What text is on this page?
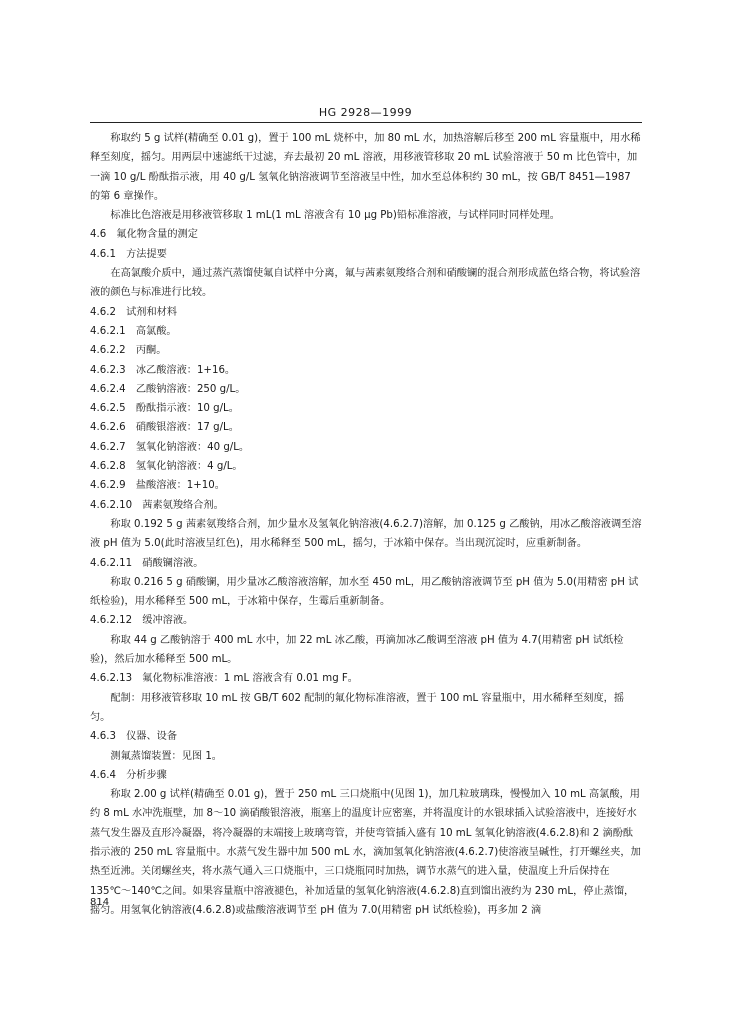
HG 2928—1999

称取约 5 g 试样(精确至 0.01 g)，置于 100 mL 烧杯中，加 80 mL 水，加热溶解后移至 200 mL 容量瓶中，用水稀释至刻度，摇匀。用两层中速滤纸干过滤，弃去最初 20 mL 溶液，用移液管移取 20 mL 试验溶液于 50 m 比色管中，加一滴 10 g/L 酚酞指示液，用 40 g/L 氢氧化钠溶液调节至溶液呈中性，加水至总体积约 30 mL，按 GB/T 8451—1987 的第 6 章操作。

标准比色溶液是用移液管移取 1 mL(1 mL 溶液含有 10 μg Pb)铅标准溶液，与试样同时同样处理。

4.6　氟化物含量的测定

4.6.1　方法提要

在高氯酸介质中，通过蒸汽蒸馏使氟自试样中分离，氟与茜素氨羧络合剂和硝酸镧的混合剂形成蓝色络合物，将试验溶液的颜色与标准进行比较。

4.6.2　试剂和材料

4.6.2.1　高氯酸。

4.6.2.2　丙酮。

4.6.2.3　冰乙酸溶液：1+16。

4.6.2.4　乙酸钠溶液：250 g/L。

4.6.2.5　酚酞指示液：10 g/L。

4.6.2.6　硝酸银溶液：17 g/L。

4.6.2.7　氢氧化钠溶液：40 g/L。

4.6.2.8　氢氧化钠溶液：4 g/L。

4.6.2.9　盐酸溶液：1+10。

4.6.2.10　茜素氨羧络合剂。

称取 0.192 5 g 茜素氨羧络合剂，加少量水及氢氧化钠溶液(4.6.2.7)溶解，加 0.125 g 乙酸钠，用冰乙酸溶液调至溶液 pH 值为 5.0(此时溶液呈红色)，用水稀释至 500 mL，摇匀，于冰箱中保存。当出现沉淀时，应重新制备。

4.6.2.11　硝酸镧溶液。

称取 0.216 5 g 硝酸镧，用少量冰乙酸溶液溶解，加水至 450 mL，用乙酸钠溶液调节至 pH 值为 5.0(用精密 pH 试纸检验)，用水稀释至 500 mL，于冰箱中保存，生霉后重新制备。

4.6.2.12　缓冲溶液。

称取 44 g 乙酸钠溶于 400 mL 水中，加 22 mL 冰乙酸，再滴加冰乙酸调至溶液 pH 值为 4.7(用精密 pH 试纸检验)，然后加水稀释至 500 mL。

4.6.2.13　氟化物标准溶液：1 mL 溶液含有 0.01 mg F。

配制：用移液管移取 10 mL 按 GB/T 602 配制的氟化物标准溶液，置于 100 mL 容量瓶中，用水稀释至刻度，摇匀。

4.6.3　仪器、设备

测氟蒸馏装置：见图 1。

4.6.4　分析步骤

称取 2.00 g 试样(精确至 0.01 g)，置于 250 mL 三口烧瓶中(见图 1)，加几粒玻璃珠，慢慢加入 10 mL 高氯酸，用约 8 mL 水冲洗瓶壁，加 8～10 滴硝酸银溶液，瓶塞上的温度计应密塞，并将温度计的水银球插入试验溶液中，连接好水蒸气发生器及直形冷凝器，将冷凝器的末端接上玻璃弯管，并使弯管插入盛有 10 mL 氢氧化钠溶液(4.6.2.8)和 2 滴酚酞指示液的 250 mL 容量瓶中。水蒸气发生器中加 500 mL 水，滴加氢氧化钠溶液(4.6.2.7)使溶液呈碱性，打开螺丝夹，加热至近沸。关闭螺丝夹，将水蒸气通入三口烧瓶中，三口烧瓶同时加热，调节水蒸气的进入量，使温度上升后保持在 135℃～140℃之间。如果容量瓶中溶液褪色，补加适量的氢氧化钠溶液(4.6.2.8)直到馏出液约为 230 mL，停止蒸馏，摇匀。用氢氧化钠溶液(4.6.2.8)或盐酸溶液调节至 pH 值为 7.0(用精密 pH 试纸检验)，再多加 2 滴

814
